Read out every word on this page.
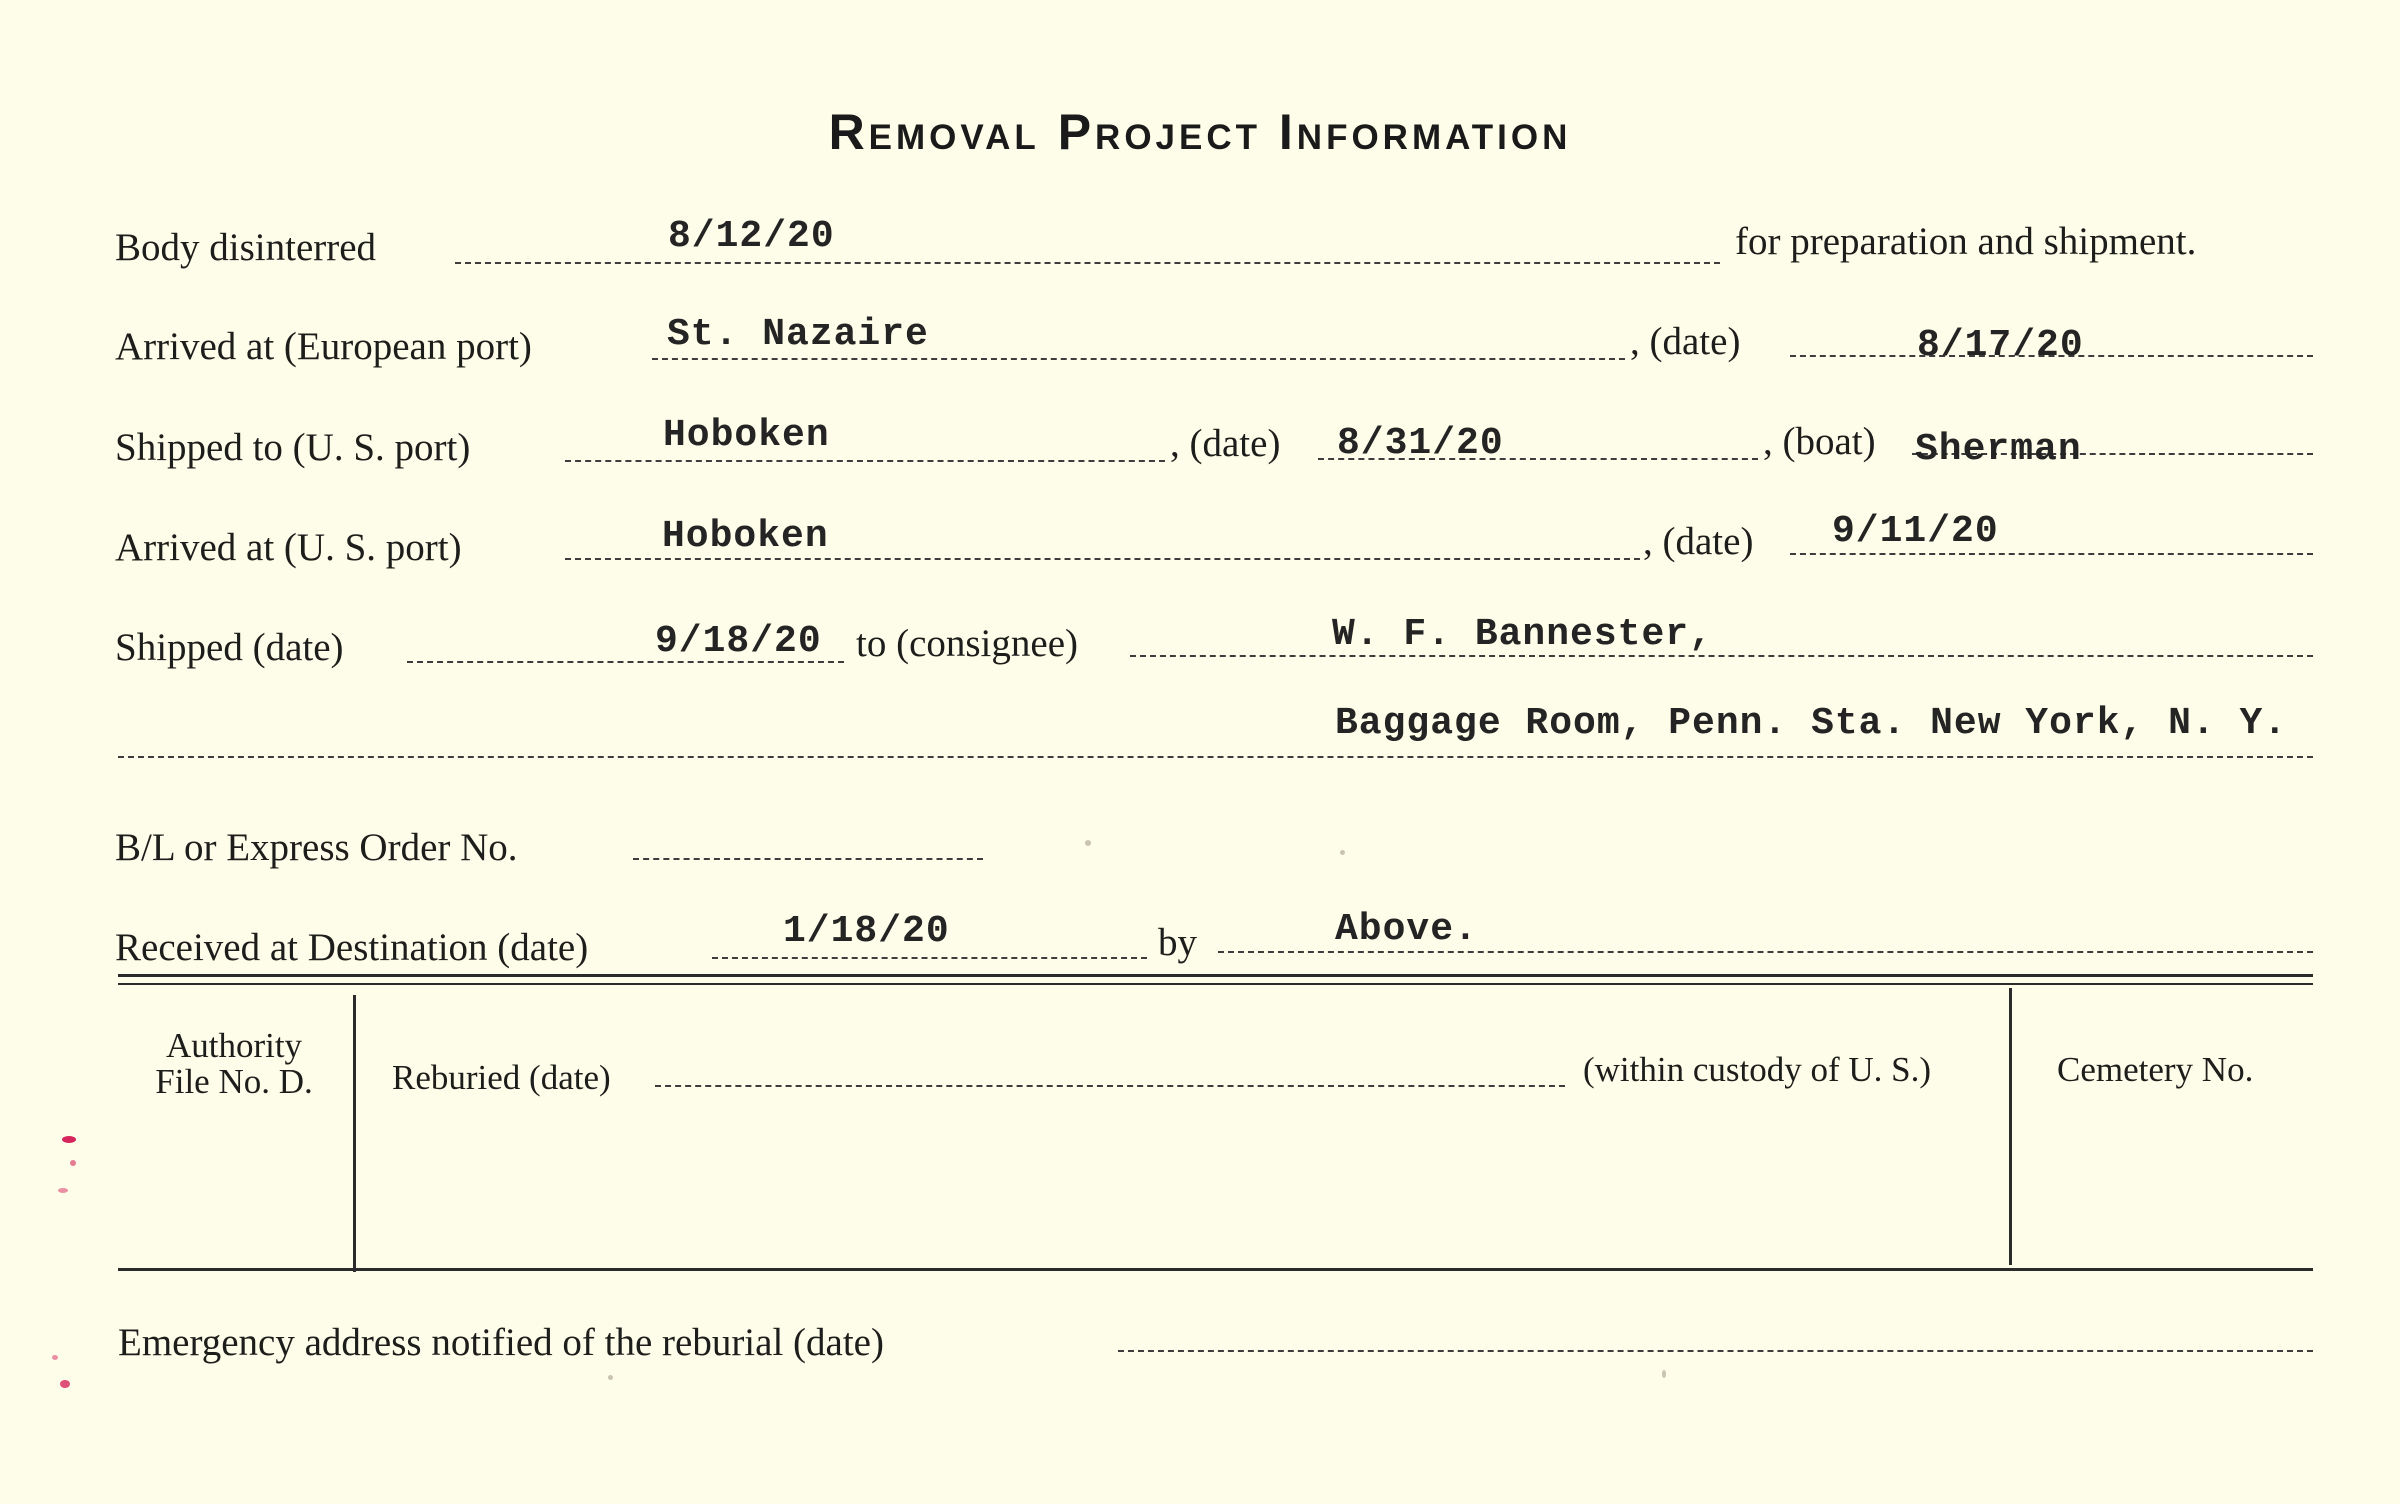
Removal Project Information
Body disinterred	8/12/20	for preparation and shipment.
Arrived at (European port)	St. Nazaire	, (date)	8/17/20
Shipped to (U. S. port)	Hoboken	, (date) 8/31/20	, (boat) Sherman
Arrived at (U. S. port)	Hoboken	, (date) 9/11/20
Shipped (date)	9/18/20 to (consignee)	W. F. Bannester,
Baggage Room, Penn. Sta. New York, N. Y.
B/L or Express Order No.
Received at Destination (date)	1/18/20	by	Above.
Authority
File No. D.	Reburied (date)	(within custody of U. S.)	Cemetery No.
Emergency address notified of the reburial (date)
